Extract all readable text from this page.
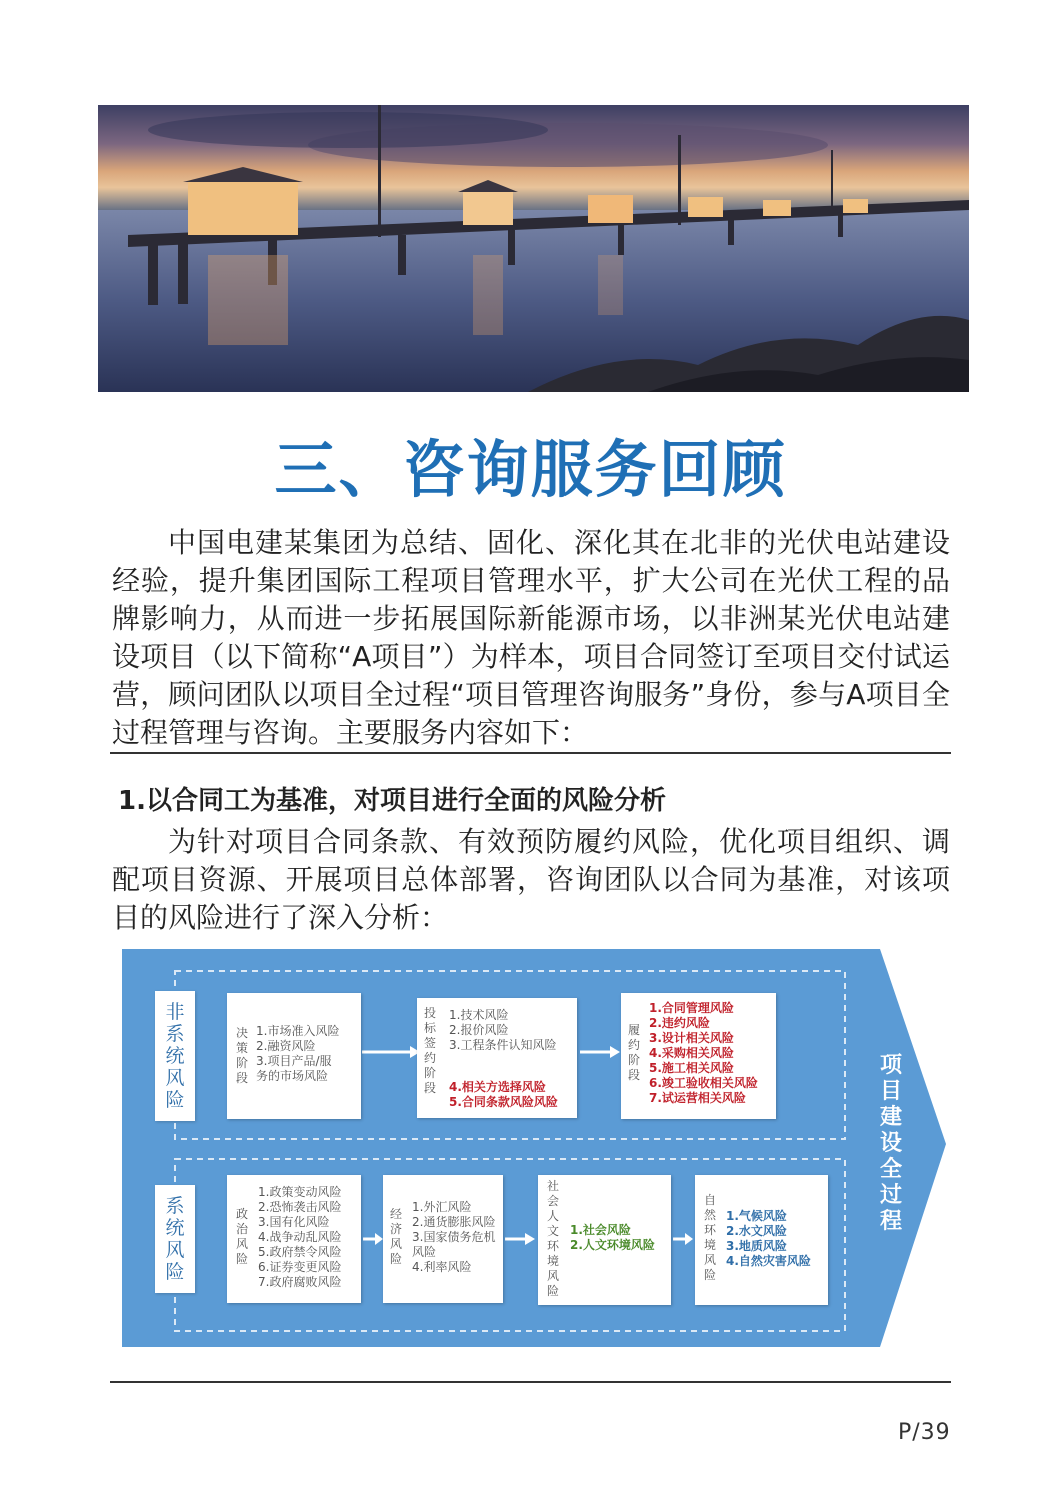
三、咨询服务回顾

中国电建某集团为总结、固化、深化其在北非的光伏电站建设经验，提升集团国际工程项目管理水平，扩大公司在光伏工程的品牌影响力，从而进一步拓展国际新能源市场，以非洲某光伏电站建设项目（以下简称“A项目”）为样本，项目合同签订至项目交付试运营，顾问团队以项目全过程“项目管理咨询服务”身份，参与A项目全过程管理与咨询。主要服务内容如下：

1.以合同工为基准，对项目进行全面的风险分析

为针对项目合同条款、有效预防履约风险，优化项目组织、调配项目资源、开展项目总体部署，咨询团队以合同为基准，对该项目的风险进行了深入分析：

非系统风险
系统风险
决策阶段
1.市场准入风险
2.融资风险
3.项目产品/服
务的市场风险
投标签约阶段
1.技术风险
2.报价风险
3.工程条件认知风险
4.相关方选择风险
5.合同条款风险风险
履约阶段
1.合同管理风险
2.违约风险
3.设计相关风险
4.采购相关风险
5.施工相关风险
6.竣工验收相关风险
7.试运营相关风险
政治风险
1.政策变动风险
2.恐怖袭击风险
3.国有化风险
4.战争动乱风险
5.政府禁令风险
6.证券变更风险
7.政府腐败风险
经济风险
1.外汇风险
2.通货膨胀风险
3.国家债务危机
风险
4.利率风险
社会人文环境风险
1.社会风险
2.人文环境风险
自然环境风险
1.气候风险
2.水文风险
3.地质风险
4.自然灾害风险
项目建设全过程
P/39
